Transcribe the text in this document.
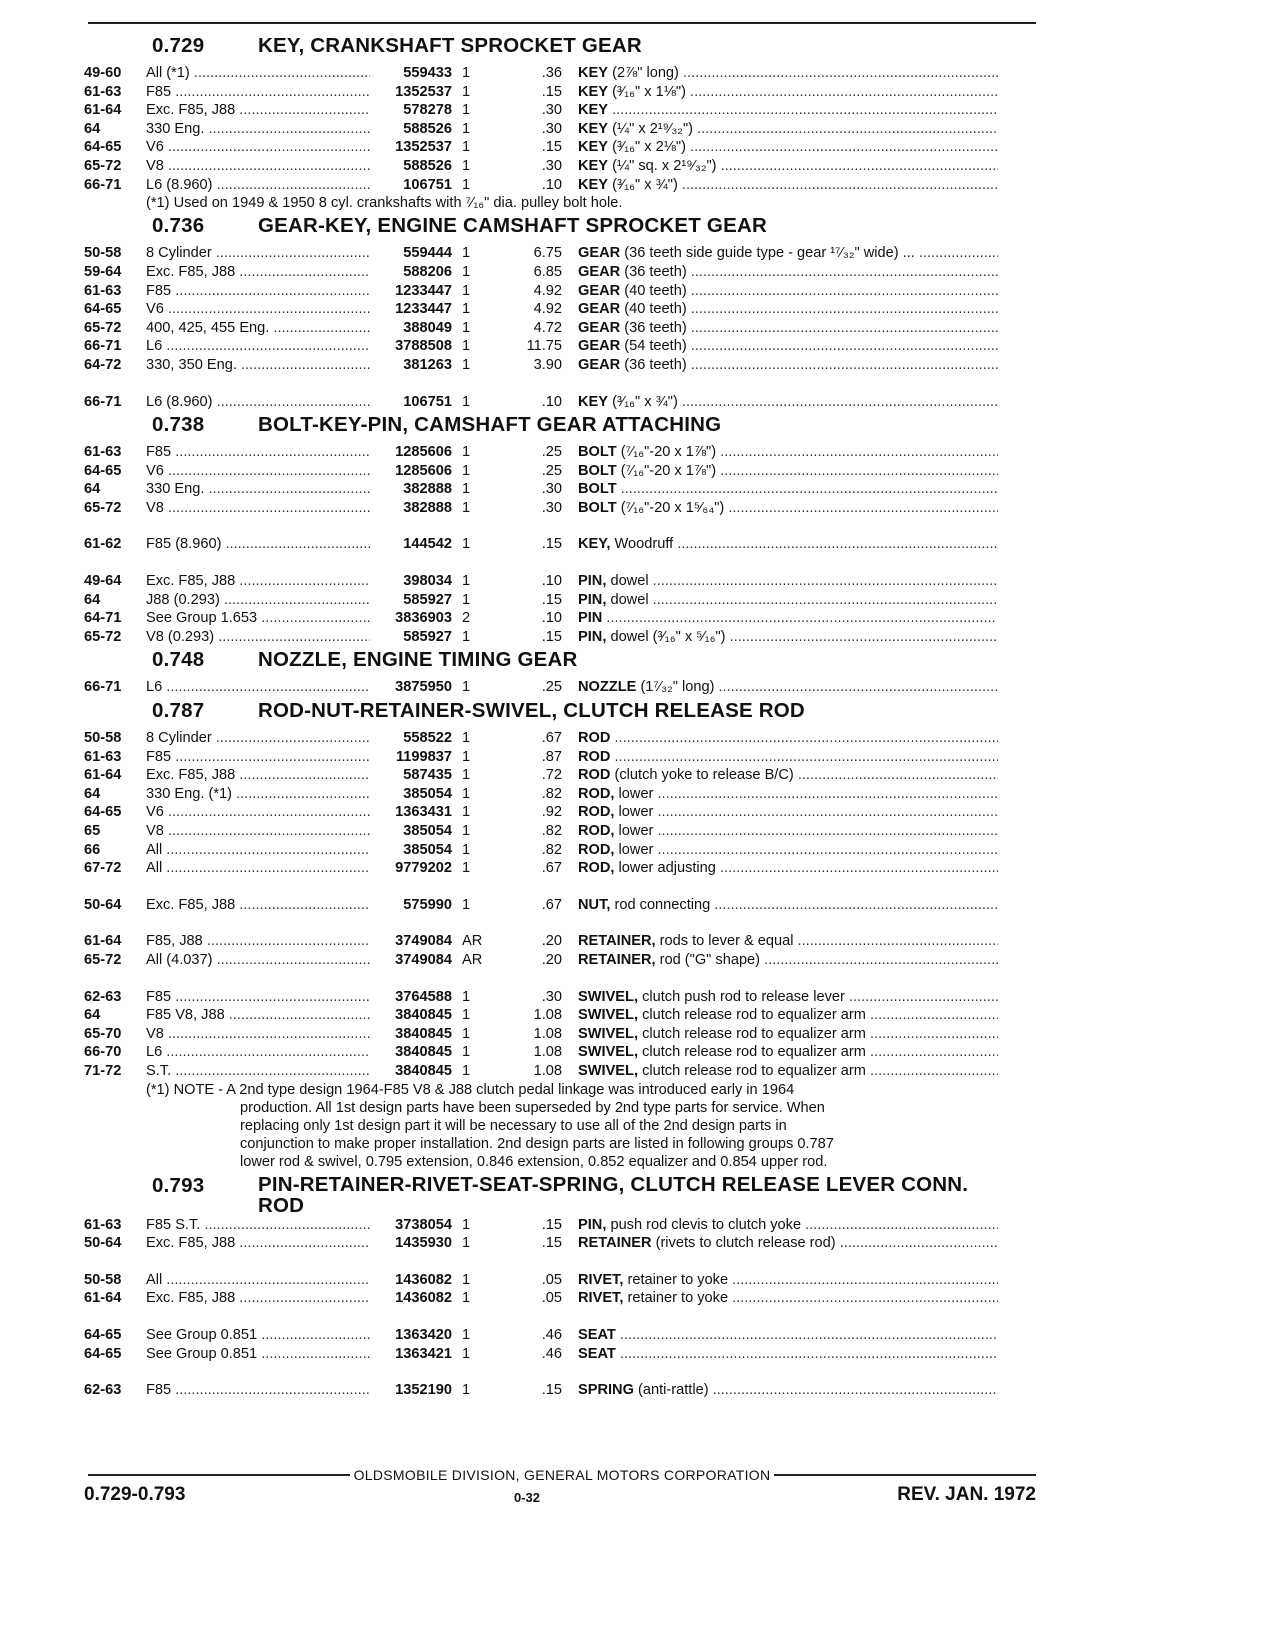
0.729	KEY, CRANKSHAFT SPROCKET GEAR
49-60	All (*1) .....	559433 1	.36	KEY (2⅞" long) .....
61-63	F85 .....	1352537 1	.15	KEY (³⁄₁₆" x 1⅛") .....
61-64	Exc. F85, J88 .....	578278 1	.30	KEY .....
64	330 Eng. .....	588526 1	.30	KEY (¼" x 2¹⁹⁄₃₂") .....
64-65	V6 .....	1352537 1	.15	KEY (³⁄₁₆" x 2⅛") .....
65-72	V8 .....	588526 1	.30	KEY (¼" sq. x 2¹⁹⁄₃₂") .....
66-71	L6 (8.960) .....	106751 1	.10	KEY (³⁄₁₆" x ¾") .....
(*1) Used on 1949 & 1950 8 cyl. crankshafts with ⁷⁄₁₆" dia. pulley bolt hole.
0.736	GEAR-KEY, ENGINE CAMSHAFT SPROCKET GEAR
50-58	8 Cylinder .....	559444 1	6.75	GEAR (36 teeth side guide type - gear ¹⁷⁄₃₂" wide) ... .....
59-64	Exc. F85, J88 .....	588206 1	6.85	GEAR (36 teeth) .....
61-63	F85 .....	1233447 1	4.92	GEAR (40 teeth) .....
64-65	V6 .....	1233447 1	4.92	GEAR (40 teeth) .....
65-72	400, 425, 455 Eng. .....	388049 1	4.72	GEAR (36 teeth) .....
66-71	L6 .....	3788508 1	11.75	GEAR (54 teeth) .....
64-72	330, 350 Eng. .....	381263 1	3.90	GEAR (36 teeth) .....
66-71	L6 (8.960) .....	106751 1	.10	KEY (³⁄₁₆" x ¾") .....
0.738	BOLT-KEY-PIN, CAMSHAFT GEAR ATTACHING
61-63	F85 .....	1285606 1	.25	BOLT (⁷⁄₁₆"-20 x 1⅞") .....
64-65	V6 .....	1285606 1	.25	BOLT (⁷⁄₁₆"-20 x 1⅞") .....
64	330 Eng. .....	382888 1	.30	BOLT .....
65-72	V8 .....	382888 1	.30	BOLT (⁷⁄₁₆"-20 x 1⁵⁄₆₄") .....
61-62	F85 (8.960) .....	144542 1	.15	KEY, Woodruff .....
49-64	Exc. F85, J88 .....	398034 1	.10	PIN, dowel .....
64	J88 (0.293) .....	585927 1	.15	PIN, dowel .....
64-71	See Group 1.653 .....	3836903 2	.10	PIN .....
65-72	V8 (0.293) .....	585927 1	.15	PIN, dowel (³⁄₁₆" x ⁵⁄₁₆") .....
0.748	NOZZLE, ENGINE TIMING GEAR
66-71	L6 .....	3875950 1	.25	NOZZLE (1⁷⁄₃₂" long) .....
0.787	ROD-NUT-RETAINER-SWIVEL, CLUTCH RELEASE ROD
50-58	8 Cylinder .....	558522 1	.67	ROD .....
61-63	F85 .....	1199837 1	.87	ROD .....
61-64	Exc. F85, J88 .....	587435 1	.72	ROD (clutch yoke to release B/C) .....
64	330 Eng. (*1) .....	385054 1	.82	ROD, lower .....
64-65	V6 .....	1363431 1	.92	ROD, lower .....
65	V8 .....	385054 1	.82	ROD, lower .....
66	All .....	385054 1	.82	ROD, lower .....
67-72	All .....	9779202 1	.67	ROD, lower adjusting .....
50-64	Exc. F85, J88 .....	575990 1	.67	NUT, rod connecting .....
61-64	F85, J88 .....	3749084 AR	.20	RETAINER, rods to lever & equal .....
65-72	All (4.037) .....	3749084 AR	.20	RETAINER, rod ("G" shape) .....
62-63	F85 .....	3764588 1	.30	SWIVEL, clutch push rod to release lever .....
64	F85 V8, J88 .....	3840845 1	1.08	SWIVEL, clutch release rod to equalizer arm .....
65-70	V8 .....	3840845 1	1.08	SWIVEL, clutch release rod to equalizer arm .....
66-70	L6 .....	3840845 1	1.08	SWIVEL, clutch release rod to equalizer arm .....
71-72	S.T. .....	3840845 1	1.08	SWIVEL, clutch release rod to equalizer arm .....
(*1) NOTE - A 2nd type design 1964-F85 V8 & J88 clutch pedal linkage was introduced early in 1964
production. All 1st design parts have been superseded by 2nd type parts for service. When
replacing only 1st design part it will be necessary to use all of the 2nd design parts in
conjunction to make proper installation. 2nd design parts are listed in following groups 0.787
lower rod & swivel, 0.795 extension, 0.846 extension, 0.852 equalizer and 0.854 upper rod.
0.793	PIN-RETAINER-RIVET-SEAT-SPRING, CLUTCH RELEASE LEVER CONN. ROD
61-63	F85 S.T. .....	3738054 1	.15	PIN, push rod clevis to clutch yoke .....
50-64	Exc. F85, J88 .....	1435930 1	.15	RETAINER (rivets to clutch release rod) .....
50-58	All .....	1436082 1	.05	RIVET, retainer to yoke .....
61-64	Exc. F85, J88 .....	1436082 1	.05	RIVET, retainer to yoke .....
64-65	See Group 0.851 .....	1363420 1	.46	SEAT .....
64-65	See Group 0.851 .....	1363421 1	.46	SEAT .....
62-63	F85 .....	1352190 1	.15	SPRING (anti-rattle) .....
OLDSMOBILE DIVISION, GENERAL MOTORS CORPORATION
0.729-0.793	0-32	REV. JAN. 1972
